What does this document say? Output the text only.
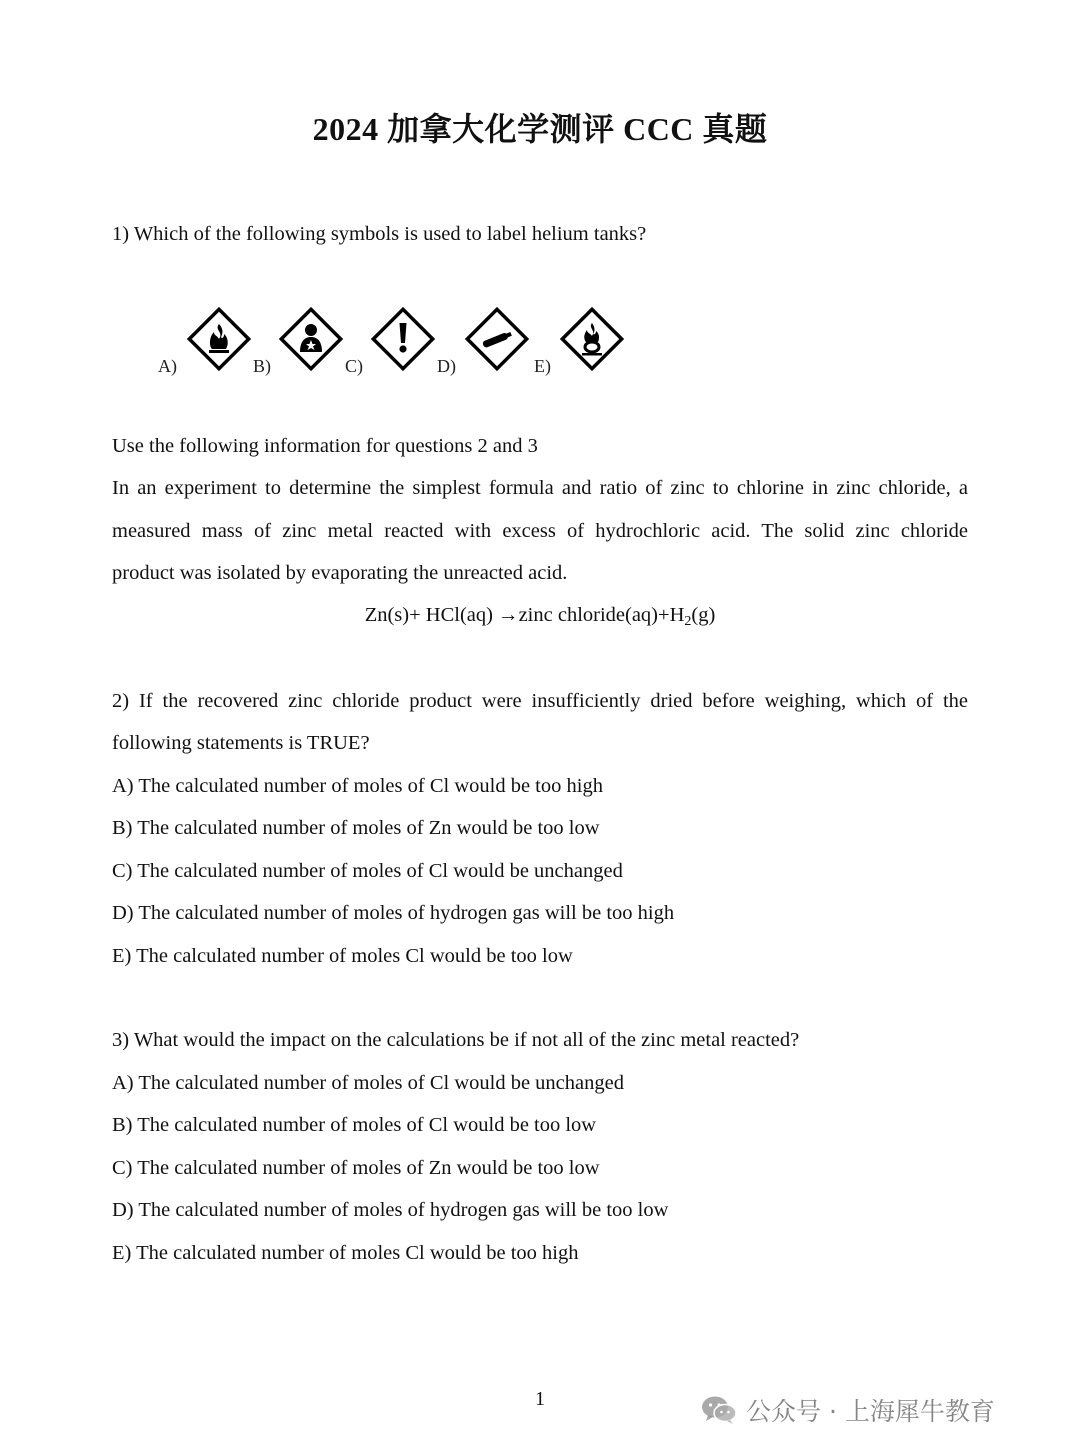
2024 加拿大化学测评 CCC 真题
1) Which of the following symbols is used to label helium tanks?
A)	B)	C)	D)	E)
Use the following information for questions 2 and 3
In an experiment to determine the simplest formula and ratio of zinc to chlorine in zinc chloride, a
measured mass of zinc metal reacted with excess of hydrochloric acid. The solid zinc chloride
product was isolated by evaporating the unreacted acid.
Zn(s)+ HCl(aq) →zinc $chloride(aq)+H_2(g)$
2) If the recovered zinc chloride product were insufficiently dried before weighing, which of the
following statements is TRUE?
A) The calculated number of moles of Cl would be too high
B) The calculated number of moles of Zn would be too low
C) The calculated number of moles of Cl would be unchanged
D) The calculated number of moles of hydrogen gas will be too high
E) The calculated number of moles Cl would be too low
3) What would the impact on the calculations be if not all of the zinc metal reacted?
A) The calculated number of moles of Cl would be unchanged
B) The calculated number of moles of Cl would be too low
C) The calculated number of moles of Zn would be too low
D) The calculated number of moles of hydrogen gas will be too low
E) The calculated number of moles Cl would be too high
1	公众号 · 上海犀牛教育
